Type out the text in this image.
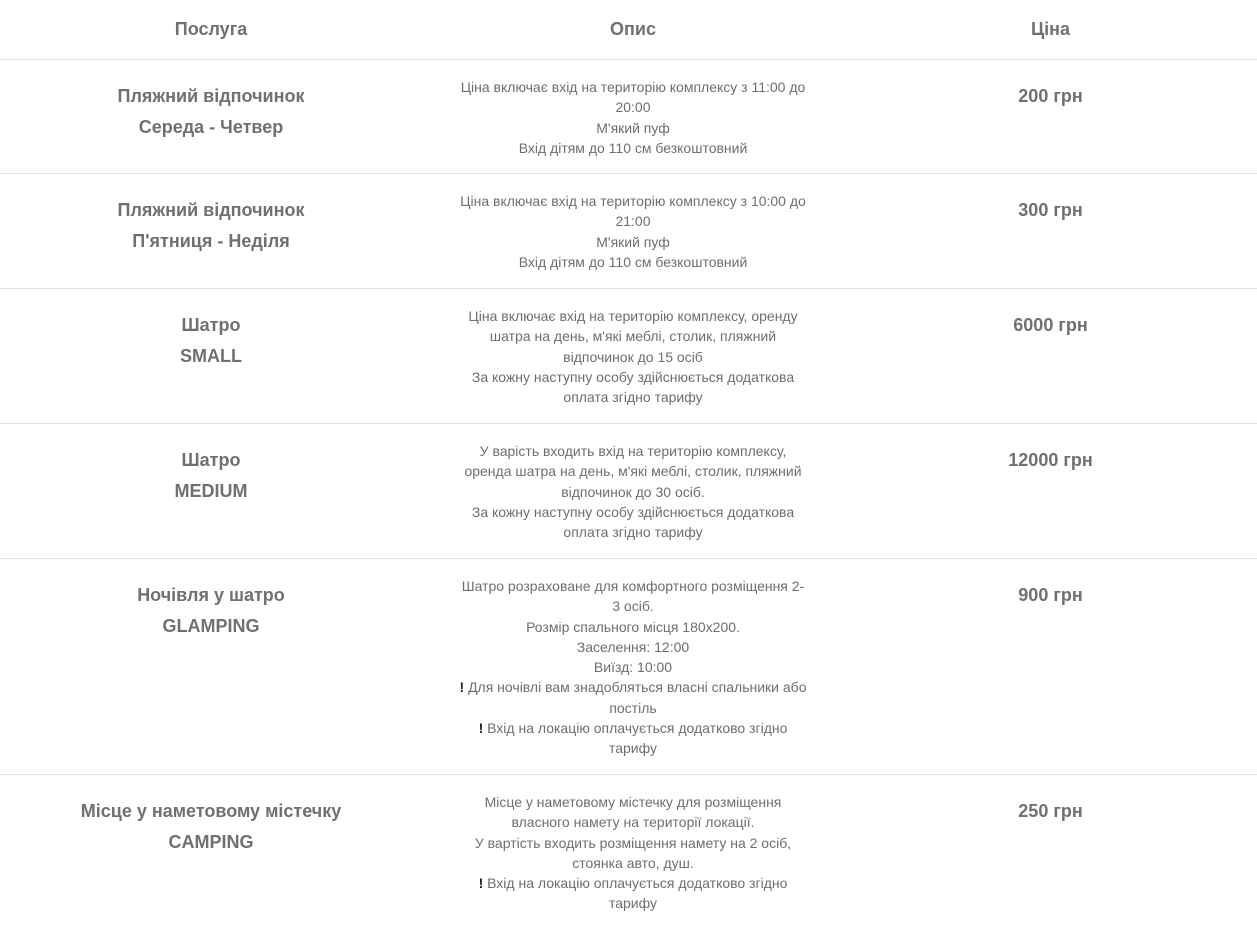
Послуга	Опис	Ціна
Пляжний відпочинок
Середа - Четвер
Ціна включає вхід на територію комплексу з 11:00 до
20:00
М'який пуф
Вхід дітям до 110 см безкоштовний
200 грн
Пляжний відпочинок
П'ятниця - Неділя
Ціна включає вхід на територію комплексу з 10:00 до
21:00
М'який пуф
Вхід дітям до 110 см безкоштовний
300 грн
Шатро
SMALL
Ціна включає вхід на територію комплексу, оренду
шатра на день, м'які меблі, столик, пляжний
відпочинок до 15 осіб
За кожну наступну особу здійснюється додаткова
оплата згідно тарифу
6000 грн
Шатро
MEDIUM
У варість входить вхід на територію комплексу,
оренда шатра на день, м'які меблі, столик, пляжний
відпочинок до 30 осіб.
За кожну наступну особу здійснюється додаткова
оплата згідно тарифу
12000 грн
Ночівля у шатро
GLAMPING
Шатро розраховане для комфортного розміщення 2-
3 осіб.
Розмір спального місця 180х200.
Заселення: 12:00
Виїзд: 10:00
! Для ночівлі вам знадобляться власні спальники або
постіль
! Вхід на локацію оплачується додатково згідно
тарифу
900 грн
Місце у наметовому містечку
CAMPING
Місце у наметовому містечку для розміщення
власного намету на території локації.
У вартість входить розміщення намету на 2 осіб,
стоянка авто, душ.
! Вхід на локацію оплачується додатково згідно
тарифу
250 грн
